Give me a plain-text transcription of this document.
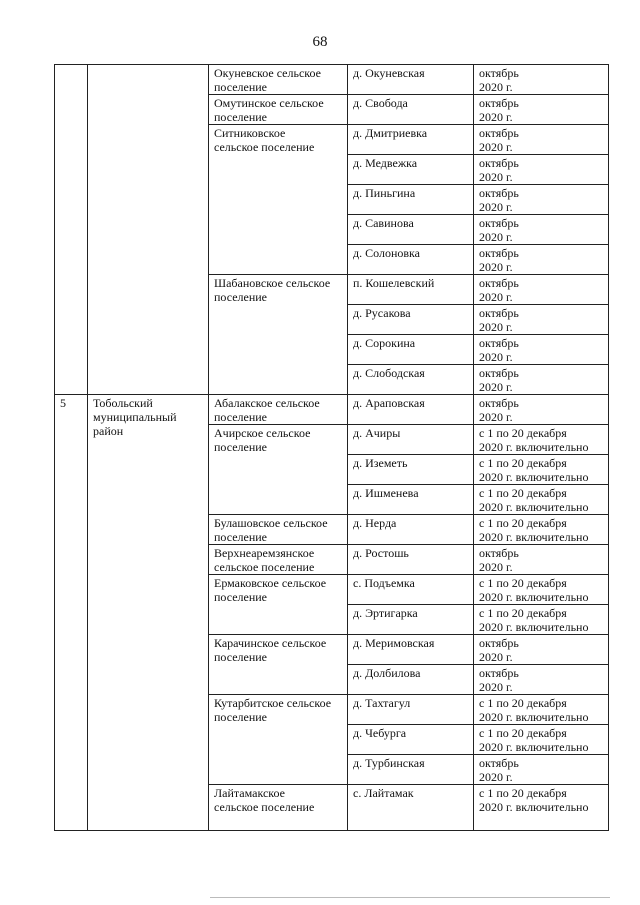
68

		Окуневское сельское
поселение	д. Окуневская	октябрь
2020 г.

		Омутинское сельское
поселение	д. Свобода	октябрь
2020 г.

		Ситниковское
сельское поселение	д. Дмитриевка	октябрь
2020 г.

			д. Медвежка	октябрь
2020 г.

			д. Пиньгина	октябрь
2020 г.

			д. Савинова	октябрь
2020 г.

			д. Солоновка	октябрь
2020 г.

		Шабановское сельское
поселение	п. Кошелевский	октябрь
2020 г.

			д. Русакова	октябрь
2020 г.

			д. Сорокина	октябрь
2020 г.

			д. Слободская	октябрь
2020 г.

5	Тобольский
муниципальный
район	Абалакское сельское
поселение	д. Араповская	октябрь
2020 г.

		Ачирское сельское
поселение	д. Ачиры	с 1 по 20 декабря
2020 г. включительно

			д. Иземеть	с 1 по 20 декабря
2020 г. включительно

			д. Ишменева	с 1 по 20 декабря
2020 г. включительно

		Булашовское сельское
поселение	д. Нерда	с 1 по 20 декабря
2020 г. включительно

		Верхнеаремзянское
сельское поселение	д. Ростошь	октябрь
2020 г.

		Ермаковское сельское
поселение	с. Подъемка	с 1 по 20 декабря
2020 г. включительно

			д. Эртигарка	с 1 по 20 декабря
2020 г. включительно

		Карачинское сельское
поселение	д. Меримовская	октябрь
2020 г.

			д. Долбилова	октябрь
2020 г.

		Кутарбитское сельское
поселение	д. Тахтагул	с 1 по 20 декабря
2020 г. включительно

			д. Чебурга	с 1 по 20 декабря
2020 г. включительно

			д. Турбинская	октябрь
2020 г.

		Лайтамакское
сельское поселение	с. Лайтамак	с 1 по 20 декабря
2020 г. включительно
